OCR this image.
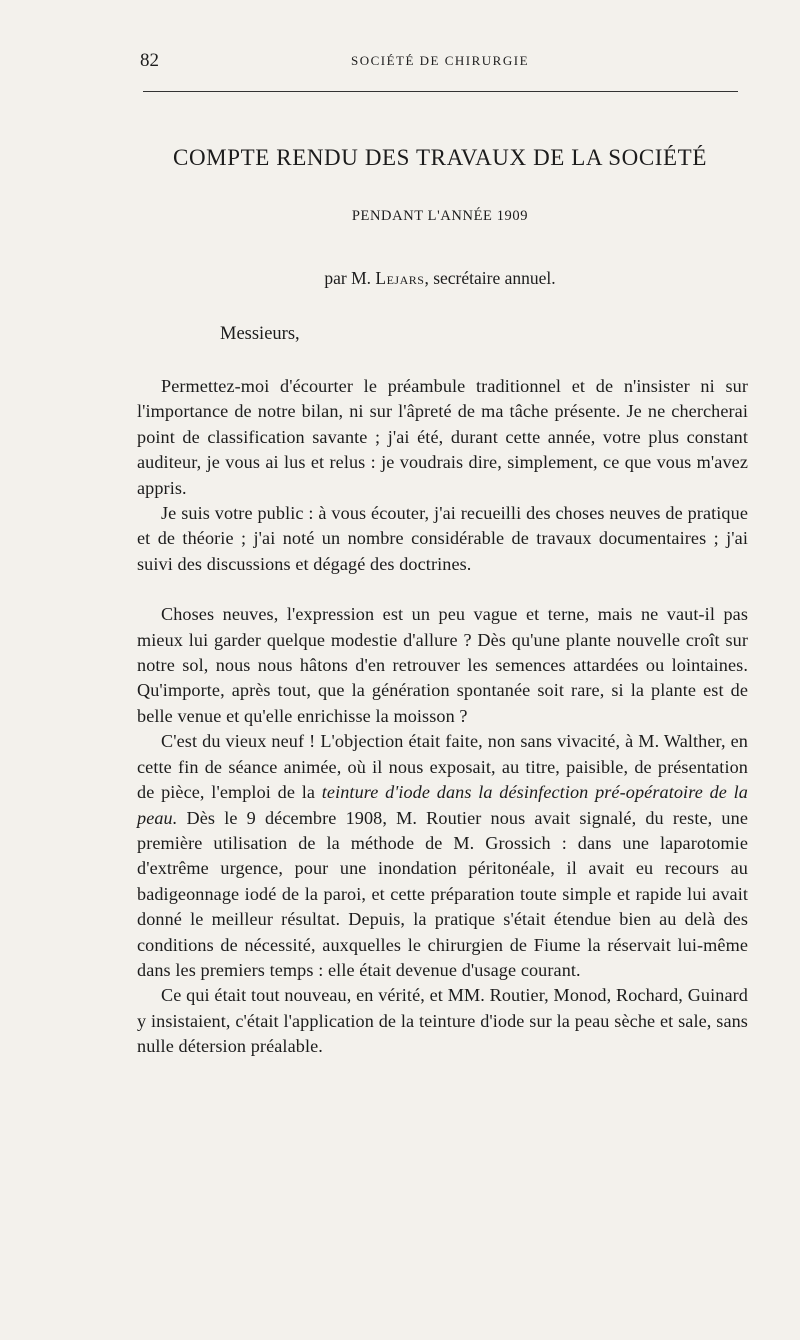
82	SOCIÉTÉ DE CHIRURGIE
COMPTE RENDU DES TRAVAUX DE LA SOCIÉTÉ
PENDANT L'ANNÉE 1909
par M. Lejars, secrétaire annuel.
Messieurs,

Permettez-moi d'écourter le préambule traditionnel et de n'insister ni sur l'importance de notre bilan, ni sur l'âpreté de ma tâche présente. Je ne chercherai point de classification savante ; j'ai été, durant cette année, votre plus constant auditeur, je vous ai lus et relus : je voudrais dire, simplement, ce que vous m'avez appris.

Je suis votre public : à vous écouter, j'ai recueilli des choses neuves de pratique et de théorie ; j'ai noté un nombre considérable de travaux documentaires ; j'ai suivi des discussions et dégagé des doctrines.

Choses neuves, l'expression est un peu vague et terne, mais ne vaut-il pas mieux lui garder quelque modestie d'allure ? Dès qu'une plante nouvelle croît sur notre sol, nous nous hâtons d'en retrouver les semences attardées ou lointaines. Qu'importe, après tout, que la génération spontanée soit rare, si la plante est de belle venue et qu'elle enrichisse la moisson ?

C'est du vieux neuf ! L'objection était faite, non sans vivacité, à M. Walther, en cette fin de séance animée, où il nous exposait, au titre, paisible, de présentation de pièce, l'emploi de la teinture d'iode dans la désinfection pré-opératoire de la peau. Dès le 9 décembre 1908, M. Routier nous avait signalé, du reste, une première utilisation de la méthode de M. Grossich : dans une laparotomie d'extrême urgence, pour une inondation péritonéale, il avait eu recours au badigeonnage iodé de la paroi, et cette préparation toute simple et rapide lui avait donné le meilleur résultat. Depuis, la pratique s'était étendue bien au delà des conditions de nécessité, auxquelles le chirurgien de Fiume la réservait lui-même dans les premiers temps : elle était devenue d'usage courant.

Ce qui était tout nouveau, en vérité, et MM. Routier, Monod, Rochard, Guinard y insistaient, c'était l'application de la teinture d'iode sur la peau sèche et sale, sans nulle détersion préalable.
